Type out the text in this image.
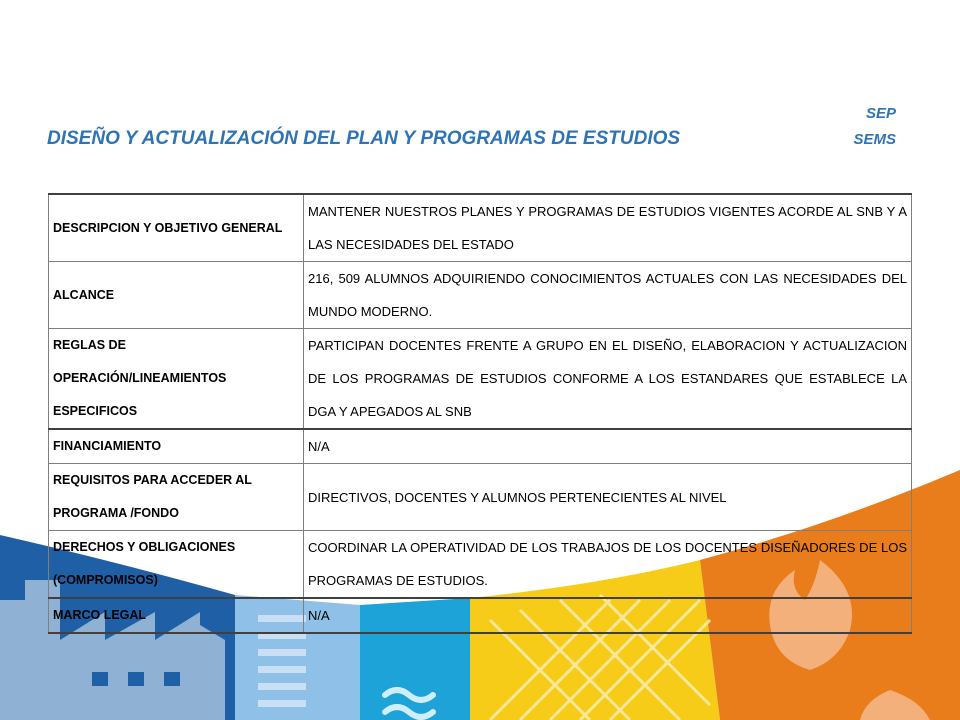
DISEÑO Y ACTUALIZACIÓN DEL PLAN Y PROGRAMAS DE ESTUDIOS
SEP
SEMS
DESCRIPCION Y OBJETIVO GENERAL	MANTENER NUESTROS PLANES Y PROGRAMAS DE ESTUDIOS VIGENTES ACORDE AL SNB Y A LAS NECESIDADES DEL ESTADO
ALCANCE	216, 509 ALUMNOS ADQUIRIENDO CONOCIMIENTOS ACTUALES CON LAS NECESIDADES DEL MUNDO MODERNO.
REGLAS DE OPERACIÓN/LINEAMIENTOS ESPECIFICOS	PARTICIPAN DOCENTES FRENTE A GRUPO EN EL DISEÑO, ELABORACION Y ACTUALIZACION DE LOS PROGRAMAS DE ESTUDIOS CONFORME A LOS ESTANDARES QUE ESTABLECE LA DGA Y APEGADOS AL SNB
FINANCIAMIENTO	N/A
REQUISITOS PARA ACCEDER AL PROGRAMA /FONDO	DIRECTIVOS, DOCENTES Y ALUMNOS PERTENECIENTES AL NIVEL
DERECHOS Y OBLIGACIONES (COMPROMISOS)	COORDINAR LA OPERATIVIDAD DE LOS TRABAJOS DE LOS DOCENTES DISEÑADORES DE LOS PROGRAMAS DE ESTUDIOS.
MARCO LEGAL	N/A
